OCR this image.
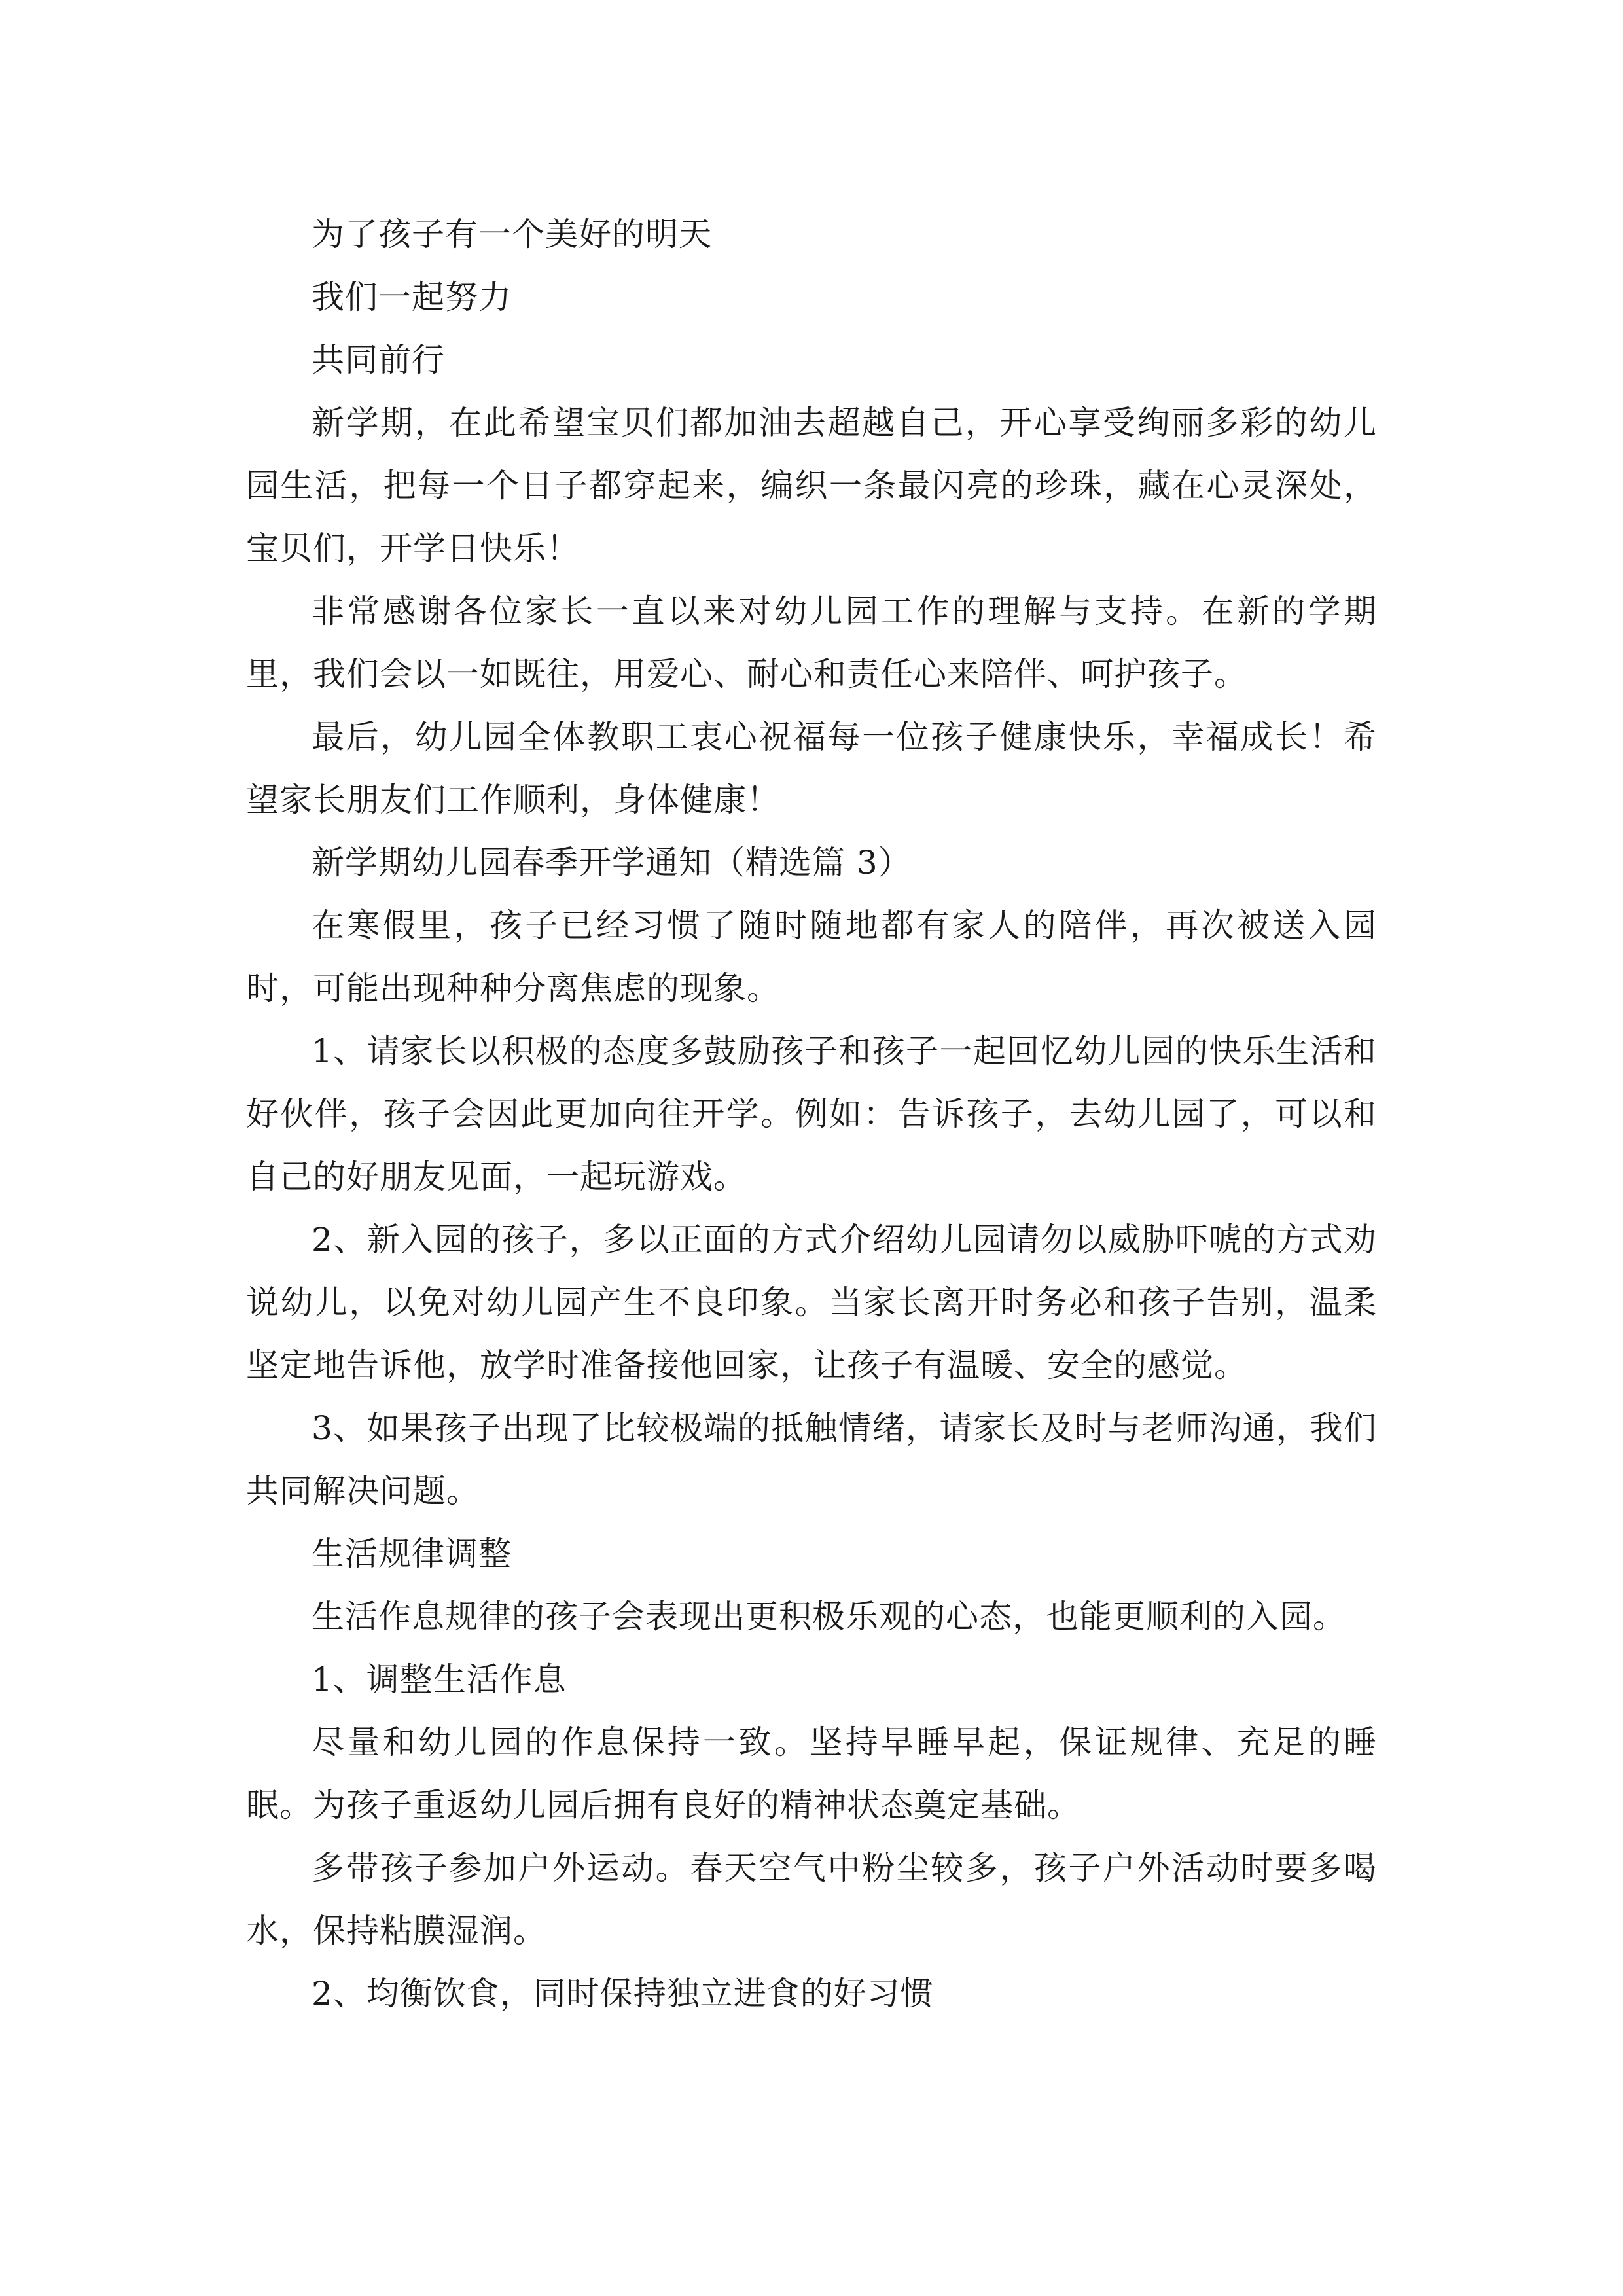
为了孩子有一个美好的明天

我们一起努力

共同前行

新学期，在此希望宝贝们都加油去超越自己，开心享受绚丽多彩的幼儿园生活，把每一个日子都穿起来，编织一条最闪亮的珍珠，藏在心灵深处，宝贝们，开学日快乐！

非常感谢各位家长一直以来对幼儿园工作的理解与支持。在新的学期里，我们会以一如既往，用爱心、耐心和责任心来陪伴、呵护孩子。

最后，幼儿园全体教职工衷心祝福每一位孩子健康快乐，幸福成长！希望家长朋友们工作顺利，身体健康！

新学期幼儿园春季开学通知（精选篇 3）

在寒假里，孩子已经习惯了随时随地都有家人的陪伴，再次被送入园时，可能出现种种分离焦虑的现象。

1、请家长以积极的态度多鼓励孩子和孩子一起回忆幼儿园的快乐生活和好伙伴，孩子会因此更加向往开学。例如：告诉孩子，去幼儿园了，可以和自己的好朋友见面，一起玩游戏。

2、新入园的孩子，多以正面的方式介绍幼儿园请勿以威胁吓唬的方式劝说幼儿，以免对幼儿园产生不良印象。当家长离开时务必和孩子告别，温柔坚定地告诉他，放学时准备接他回家，让孩子有温暖、安全的感觉。

3、如果孩子出现了比较极端的抵触情绪，请家长及时与老师沟通，我们共同解决问题。

生活规律调整

生活作息规律的孩子会表现出更积极乐观的心态，也能更顺利的入园。

1、调整生活作息

尽量和幼儿园的作息保持一致。坚持早睡早起，保证规律、充足的睡眠。为孩子重返幼儿园后拥有良好的精神状态奠定基础。

多带孩子参加户外运动。春天空气中粉尘较多，孩子户外活动时要多喝水，保持粘膜湿润。

2、均衡饮食，同时保持独立进食的好习惯
